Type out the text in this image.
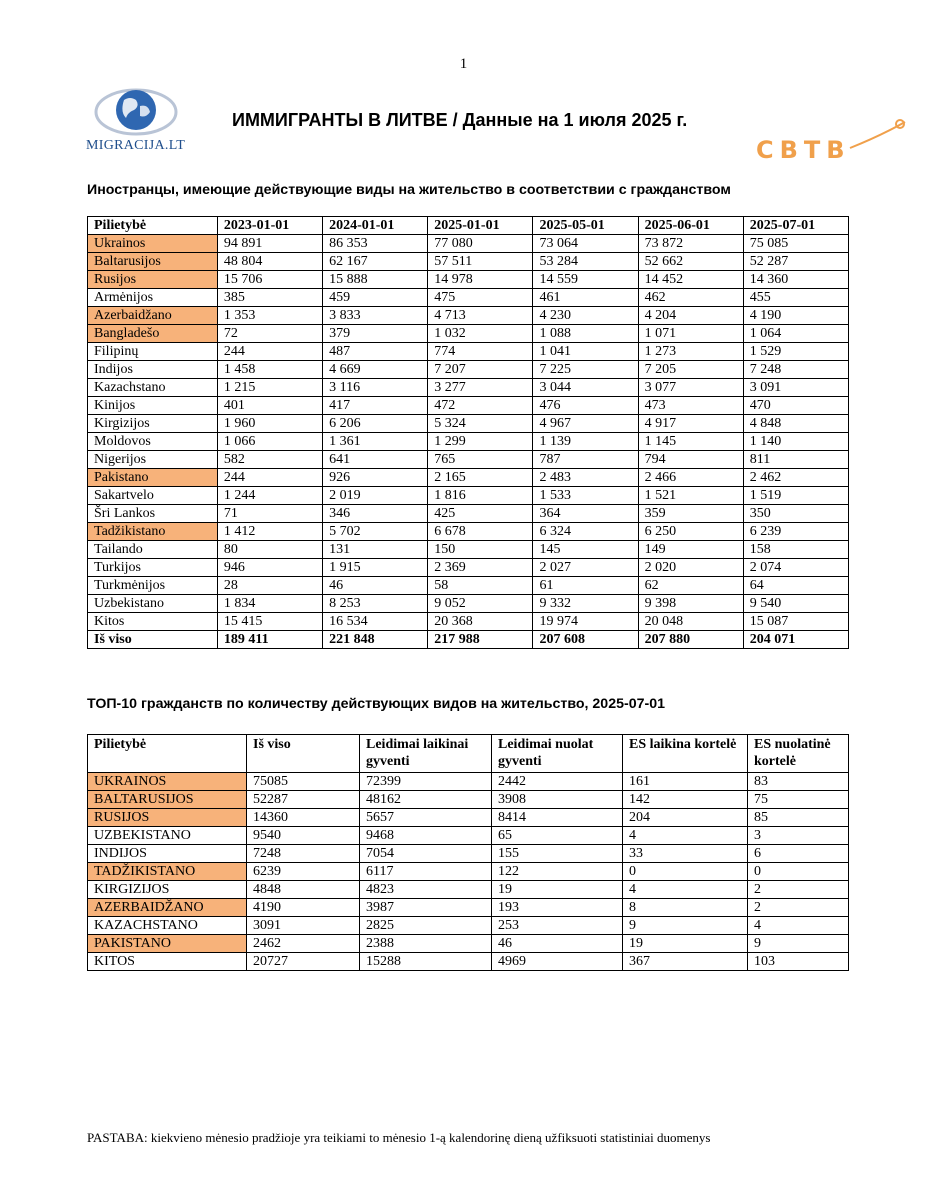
1
MIGRACIJA.LT
ИММИГРАНТЫ В ЛИТВЕ / Данные на 1 июля 2025 г.
CBTB
Иностранцы, имеющие действующие виды на жительство в соответствии с гражданством
Pilietybė	2023-01-01	2024-01-01	2025-01-01	2025-05-01	2025-06-01	2025-07-01
Ukrainos	94 891	86 353	77 080	73 064	73 872	75 085
Baltarusijos	48 804	62 167	57 511	53 284	52 662	52 287
Rusijos	15 706	15 888	14 978	14 559	14 452	14 360
Armėnijos	385	459	475	461	462	455
Azerbaidžano	1 353	3 833	4 713	4 230	4 204	4 190
Bangladešo	72	379	1 032	1 088	1 071	1 064
Filipinų	244	487	774	1 041	1 273	1 529
Indijos	1 458	4 669	7 207	7 225	7 205	7 248
Kazachstano	1 215	3 116	3 277	3 044	3 077	3 091
Kinijos	401	417	472	476	473	470
Kirgizijos	1 960	6 206	5 324	4 967	4 917	4 848
Moldovos	1 066	1 361	1 299	1 139	1 145	1 140
Nigerijos	582	641	765	787	794	811
Pakistano	244	926	2 165	2 483	2 466	2 462
Sakartvelo	1 244	2 019	1 816	1 533	1 521	1 519
Šri Lankos	71	346	425	364	359	350
Tadžikistano	1 412	5 702	6 678	6 324	6 250	6 239
Tailando	80	131	150	145	149	158
Turkijos	946	1 915	2 369	2 027	2 020	2 074
Turkmėnijos	28	46	58	61	62	64
Uzbekistano	1 834	8 253	9 052	9 332	9 398	9 540
Kitos	15 415	16 534	20 368	19 974	20 048	15 087
Iš viso	189 411	221 848	217 988	207 608	207 880	204 071
ТОП-10 гражданств по количеству действующих видов на жительство, 2025-07-01
Pilietybė	Iš viso	Leidimai laikinai gyventi	Leidimai nuolat gyventi	ES laikina kortelė	ES nuolatinė kortelė
UKRAINOS	75085	72399	2442	161	83
BALTARUSIJOS	52287	48162	3908	142	75
RUSIJOS	14360	5657	8414	204	85
UZBEKISTANO	9540	9468	65	4	3
INDIJOS	7248	7054	155	33	6
TADŽIKISTANO	6239	6117	122	0	0
KIRGIZIJOS	4848	4823	19	4	2
AZERBAIDŽANO	4190	3987	193	8	2
KAZACHSTANO	3091	2825	253	9	4
PAKISTANO	2462	2388	46	19	9
KITOS	20727	15288	4969	367	103
PASTABA: kiekvieno mėnesio pradžioje yra teikiami to mėnesio 1-ą kalendorinę dieną užfiksuoti statistiniai duomenys
